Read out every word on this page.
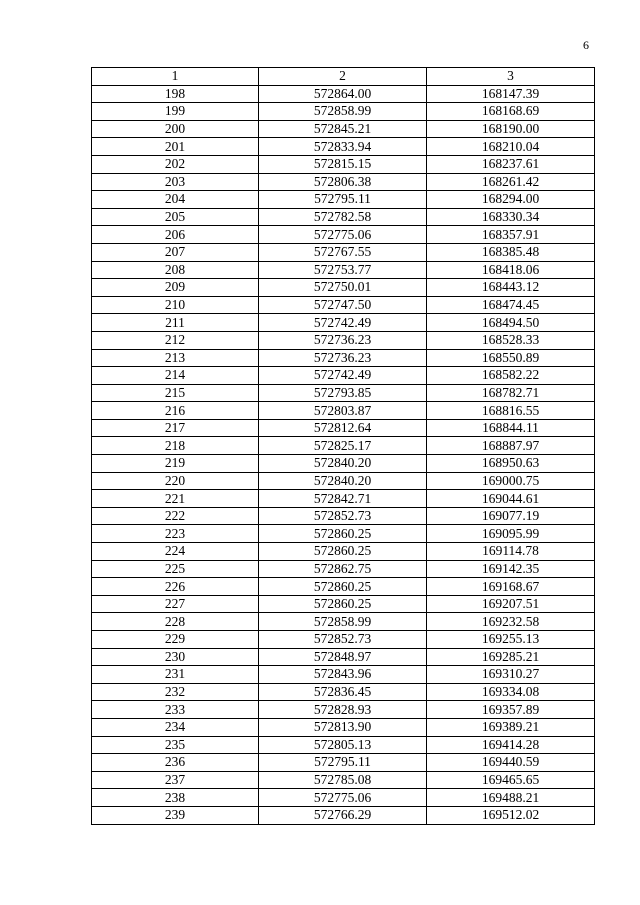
6
1	2	3
198	572864.00	168147.39
199	572858.99	168168.69
200	572845.21	168190.00
201	572833.94	168210.04
202	572815.15	168237.61
203	572806.38	168261.42
204	572795.11	168294.00
205	572782.58	168330.34
206	572775.06	168357.91
207	572767.55	168385.48
208	572753.77	168418.06
209	572750.01	168443.12
210	572747.50	168474.45
211	572742.49	168494.50
212	572736.23	168528.33
213	572736.23	168550.89
214	572742.49	168582.22
215	572793.85	168782.71
216	572803.87	168816.55
217	572812.64	168844.11
218	572825.17	168887.97
219	572840.20	168950.63
220	572840.20	169000.75
221	572842.71	169044.61
222	572852.73	169077.19
223	572860.25	169095.99
224	572860.25	169114.78
225	572862.75	169142.35
226	572860.25	169168.67
227	572860.25	169207.51
228	572858.99	169232.58
229	572852.73	169255.13
230	572848.97	169285.21
231	572843.96	169310.27
232	572836.45	169334.08
233	572828.93	169357.89
234	572813.90	169389.21
235	572805.13	169414.28
236	572795.11	169440.59
237	572785.08	169465.65
238	572775.06	169488.21
239	572766.29	169512.02
